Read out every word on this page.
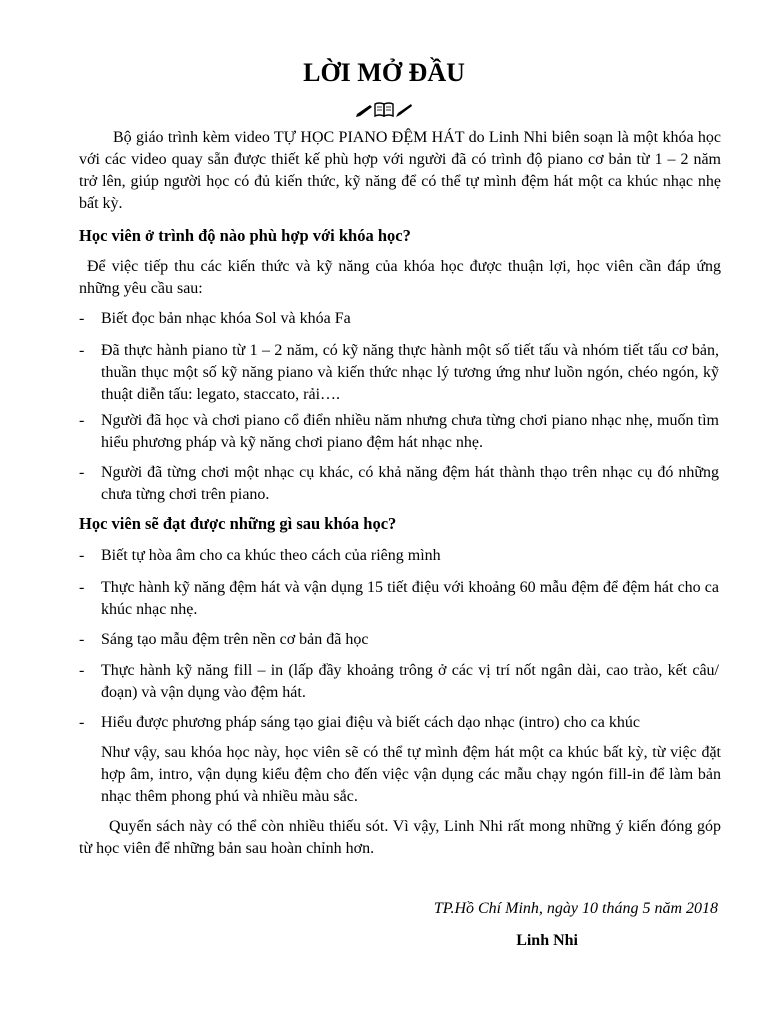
LỜI MỞ ĐẦU

Bộ giáo trình kèm video TỰ HỌC PIANO ĐỆM HÁT do Linh Nhi biên soạn là một khóa học với các video quay sẵn được thiết kế phù hợp với người đã có trình độ piano cơ bản từ 1 – 2 năm trở lên, giúp người học có đủ kiến thức, kỹ năng để có thể tự mình đệm hát một ca khúc nhạc nhẹ bất kỳ.

Học viên ở trình độ nào phù hợp với khóa học?

Để việc tiếp thu các kiến thức và kỹ năng của khóa học được thuận lợi, học viên cần đáp ứng những yêu cầu sau:

- Biết đọc bản nhạc khóa Sol và khóa Fa
- Đã thực hành piano từ 1 – 2 năm, có kỹ năng thực hành một số tiết tấu và nhóm tiết tấu cơ bản, thuần thục một số kỹ năng piano và kiến thức nhạc lý tương ứng như luồn ngón, chéo ngón, kỹ thuật diễn tấu: legato, staccato, rải….
- Người đã học và chơi piano cổ điển nhiều năm nhưng chưa từng chơi piano nhạc nhẹ, muốn tìm hiểu phương pháp và kỹ năng chơi piano đệm hát nhạc nhẹ.
- Người đã từng chơi một nhạc cụ khác, có khả năng đệm hát thành thạo trên nhạc cụ đó những chưa từng chơi trên piano.

Học viên sẽ đạt được những gì sau khóa học?

- Biết tự hòa âm cho ca khúc theo cách của riêng mình
- Thực hành kỹ năng đệm hát và vận dụng 15 tiết điệu với khoảng 60 mẫu đệm để đệm hát cho ca khúc nhạc nhẹ.
- Sáng tạo mẫu đệm trên nền cơ bản đã học
- Thực hành kỹ năng fill – in (lấp đầy khoảng trông ở các vị trí nốt ngân dài, cao trào, kết câu/đoạn) và vận dụng vào đệm hát.
- Hiểu được phương pháp sáng tạo giai điệu và biết cách dạo nhạc (intro) cho ca khúc

Như vậy, sau khóa học này, học viên sẽ có thể tự mình đệm hát một ca khúc bất kỳ, từ việc đặt hợp âm, intro, vận dụng kiểu đệm cho đến việc vận dụng các mẫu chạy ngón fill-in để làm bản nhạc thêm phong phú và nhiều màu sắc.

Quyển sách này có thể còn nhiều thiếu sót. Vì vậy, Linh Nhi rất mong những ý kiến đóng góp từ học viên để những bản sau hoàn chỉnh hơn.

TP.Hồ Chí Minh, ngày 10 tháng 5 năm 2018
Linh Nhi
